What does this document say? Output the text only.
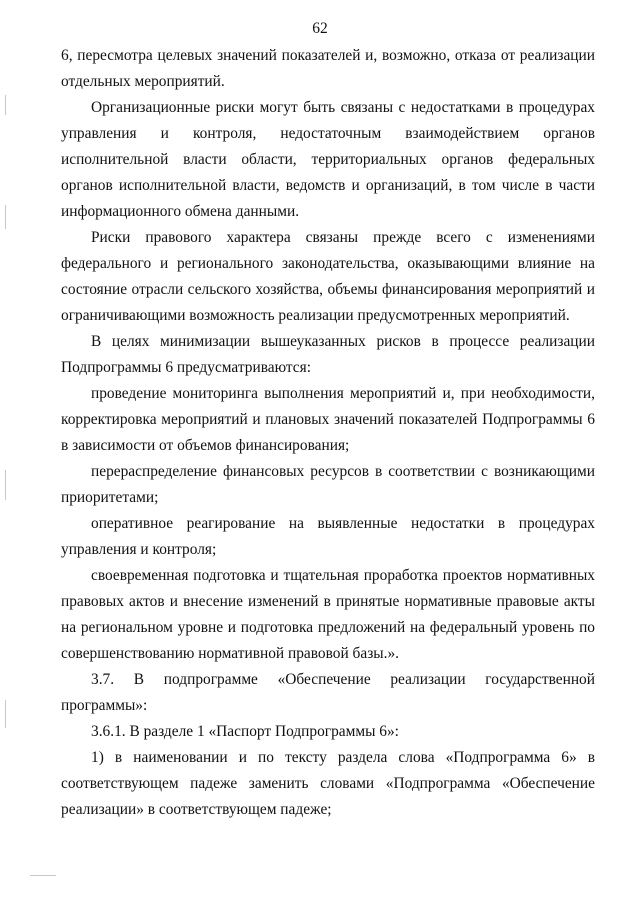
62

6, пересмотра целевых значений показателей и, возможно, отказа от реализации отдельных мероприятий.

Организационные риски могут быть связаны с недостатками в процедурах управления и контроля, недостаточным взаимодействием органов исполнительной власти области, территориальных органов федеральных органов исполнительной власти, ведомств и организаций, в том числе в части информационного обмена данными.

Риски правового характера связаны прежде всего с изменениями федерального и регионального законодательства, оказывающими влияние на состояние отрасли сельского хозяйства, объемы финансирования мероприятий и ограничивающими возможность реализации предусмотренных мероприятий.

В целях минимизации вышеуказанных рисков в процессе реализации Подпрограммы 6 предусматриваются:

проведение мониторинга выполнения мероприятий и, при необходимости, корректировка мероприятий и плановых значений показателей Подпрограммы 6 в зависимости от объемов финансирования;

перераспределение финансовых ресурсов в соответствии с возникающими приоритетами;

оперативное реагирование на выявленные недостатки в процедурах управления и контроля;

своевременная подготовка и тщательная проработка проектов нормативных правовых актов и внесение изменений в принятые нормативные правовые акты на региональном уровне и подготовка предложений на федеральный уровень по совершенствованию нормативной правовой базы.».

3.7. В подпрограмме «Обеспечение реализации государственной программы»:

3.6.1. В разделе 1 «Паспорт Подпрограммы 6»:

1) в наименовании и по тексту раздела слова «Подпрограмма 6» в соответствующем падеже заменить словами «Подпрограмма «Обеспечение реализации» в соответствующем падеже;
